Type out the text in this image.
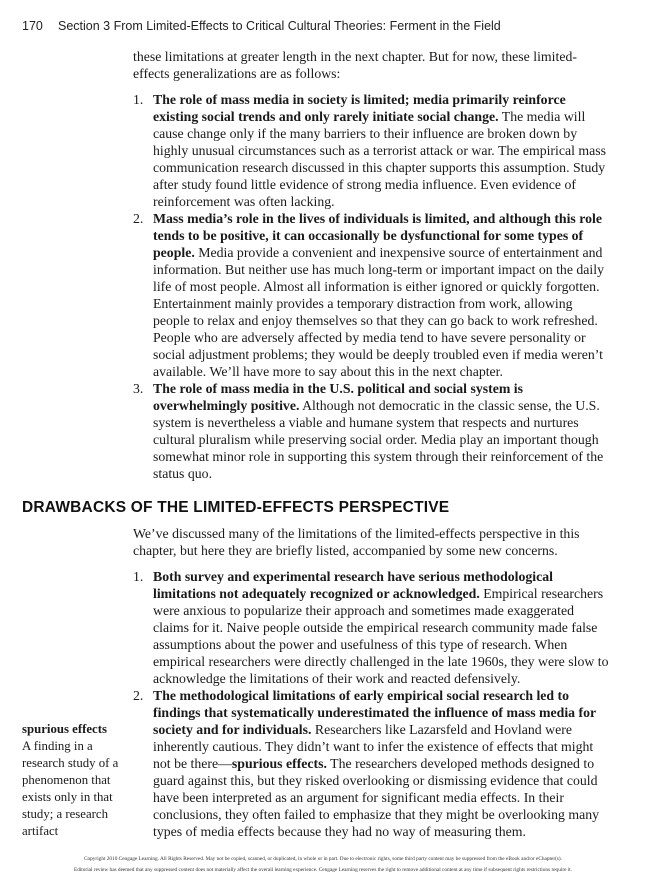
170 Section 3 From Limited-Effects to Critical Cultural Theories: Ferment in the Field

these limitations at greater length in the next chapter. But for now, these limited-effects generalizations are as follows:

1. The role of mass media in society is limited; media primarily reinforce existing social trends and only rarely initiate social change. The media will cause change only if the many barriers to their influence are broken down by highly unusual circumstances such as a terrorist attack or war. The empirical mass communication research discussed in this chapter supports this assumption. Study after study found little evidence of strong media influence. Even evidence of reinforcement was often lacking.
2. Mass media’s role in the lives of individuals is limited, and although this role tends to be positive, it can occasionally be dysfunctional for some types of people. Media provide a convenient and inexpensive source of entertainment and information. But neither use has much long-term or important impact on the daily life of most people. Almost all information is either ignored or quickly forgotten. Entertainment mainly provides a temporary distraction from work, allowing people to relax and enjoy themselves so that they can go back to work refreshed. People who are adversely affected by media tend to have severe personality or social adjustment problems; they would be deeply troubled even if media weren’t available. We’ll have more to say about this in the next chapter.
3. The role of mass media in the U.S. political and social system is overwhelmingly positive. Although not democratic in the classic sense, the U.S. system is nevertheless a viable and humane system that respects and nurtures cultural pluralism while preserving social order. Media play an important though somewhat minor role in supporting this system through their reinforcement of the status quo.
DRAWBACKS OF THE LIMITED-EFFECTS PERSPECTIVE

We’ve discussed many of the limitations of the limited-effects perspective in this chapter, but here they are briefly listed, accompanied by some new concerns.

1. Both survey and experimental research have serious methodological limitations not adequately recognized or acknowledged. Empirical researchers were anxious to popularize their approach and sometimes made exaggerated claims for it. Naive people outside the empirical research community made false assumptions about the power and usefulness of this type of research. When empirical researchers were directly challenged in the late 1960s, they were slow to acknowledge the limitations of their work and reacted defensively.
2. The methodological limitations of early empirical social research led to findings that systematically underestimated the influence of mass media for society and for individuals. Researchers like Lazarsfeld and Hovland were inherently cautious. They didn’t want to infer the existence of effects that might not be there—spurious effects. The researchers developed methods designed to guard against this, but they risked overlooking or dismissing evidence that could have been interpreted as an argument for significant media effects. In their conclusions, they often failed to emphasize that they might be overlooking many types of media effects because they had no way of measuring them.
spurious effects
A finding in a research study of a phenomenon that exists only in that study; a research artifact
Copyright 2010 Cengage Learning. All Rights Reserved. May not be copied, scanned, or duplicated, in whole or in part. Due to electronic rights, some third party content may be suppressed from the eBook and/or eChapter(s).
Editorial review has deemed that any suppressed content does not materially affect the overall learning experience. Cengage Learning reserves the right to remove additional content at any time if subsequent rights restrictions require it.
